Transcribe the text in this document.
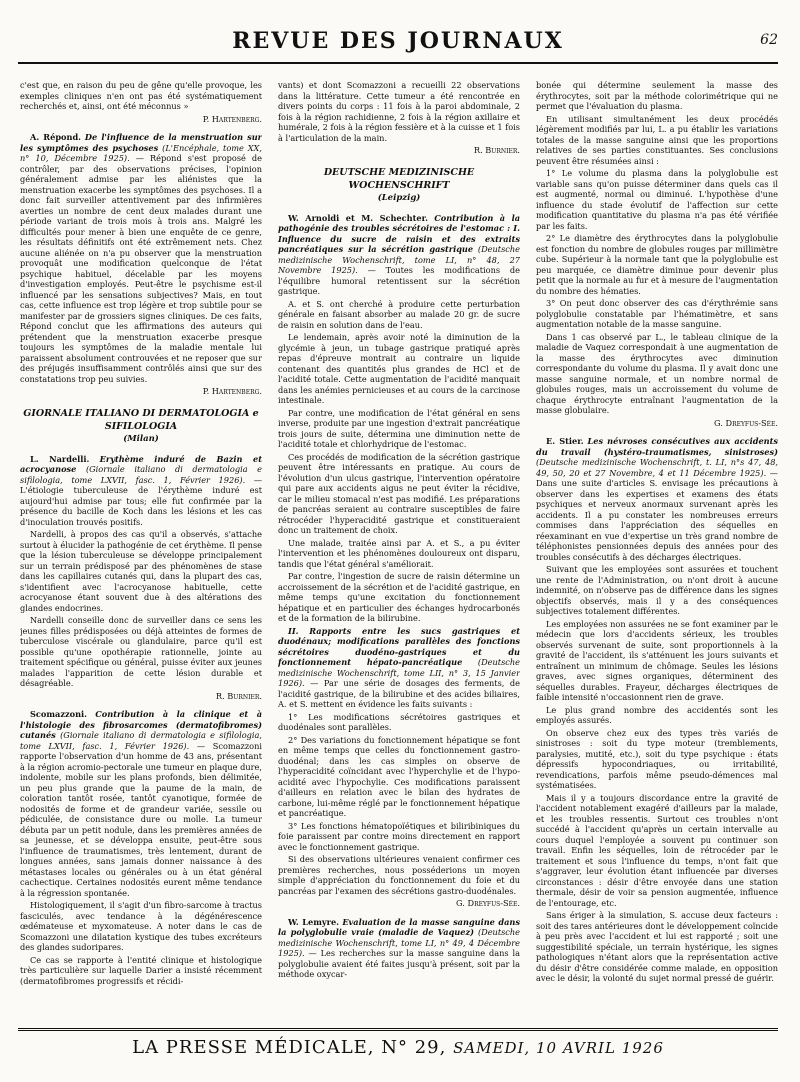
REVUE DES JOURNAUX	62

c'est que, en raison du peu de gêne qu'elle provoque, les exemples cliniques n'en ont pas été systématiquement recherchés et, ainsi, ont été méconnus »

P. Hartenberg.

A. Répond. De l'influence de la menstruation sur les symptômes des psychoses (L'Encéphale, tome XX, n° 10, Décembre 1925). — Répond s'est proposé de contrôler, par des observations précises, l'opinion généralement admise par les aliénistes que la menstruation exacerbe les symptômes des psychoses. Il a donc fait surveiller attentivement par des infirmières averties un nombre de cent deux malades durant une période variant de trois mois à trois ans. Malgré les difficultés pour mener à bien une enquête de ce genre, les résultats définitifs ont été extrêmement nets. Chez aucune aliénée on n'a pu observer que la menstruation provoquât une modification quelconque de l'état psychique habituel, décelable par les moyens d'investigation employés. Peut-être le psychisme est-il influencé par les sensations subjectives? Mais, en tout cas, cette influence est trop légère et trop subtile pour se manifester par de grossiers signes cliniques. De ces faits, Répond conclut que les affirmations des auteurs qui prétendent que la menstruation exacerbe presque toujours les symptômes de la maladie mentale lui paraissent absolument controuvées et ne reposer que sur des préjugés insuffisamment contrôlés ainsi que sur des constatations trop peu suivies.

P. Hartenberg.

GIORNALE ITALIANO DI DERMATOLOGIA e SIFILOLOGIA
(Milan)

L. Nardelli. Erythème induré de Bazin et acrocyanose (Giornale italiano di dermatologia e sifilologia, tome LXVII, fasc. 1, Février 1926). — L'étiologie tuberculeuse de l'érythème induré est aujourd'hui admise par tous; elle fut confirmée par la présence du bacille de Koch dans les lésions et les cas d'inoculation trouvés positifs.

Nardelli, à propos des cas qu'il a observés, s'attache surtout à élucider la pathogénie de cet érythème. Il pense que la lésion tuberculeuse se développe principalement sur un terrain prédisposé par des phénomènes de stase dans les capillaires cutanés qui, dans la plupart des cas, s'identifient avec l'acrocyanose habituelle, cette acrocyanose étant souvent due à des altérations des glandes endocrines.

Nardelli conseille donc de surveiller dans ce sens les jeunes filles prédisposées ou déjà atteintes de formes de tuberculose viscérale ou glandulaire, parce qu'il est possible qu'une opothérapie rationnelle, jointe au traitement spécifique ou général, puisse éviter aux jeunes malades l'apparition de cette lésion durable et désagréable.

R. Burnier.

Scomazzoni. Contribution à la clinique et à l'histologie des fibrosarcomes (dermatofibromes) cutanés (Giornale italiano di dermatologia e sifilologia, tome LXVII, fasc. 1, Février 1926). — Scomazzoni rapporte l'observation d'un homme de 43 ans, présentant à la région acromio-pectorale une tumeur en plaque dure, indolente, mobile sur les plans profonds, bien délimitée, un peu plus grande que la paume de la main, de coloration tantôt rosée, tantôt cyanotique, formée de nodosités de forme et de grandeur variée, sessile ou pédiculée, de consistance dure ou molle. La tumeur débuta par un petit nodule, dans les premières années de sa jeunesse, et se développa ensuite, peut-être sous l'influence de traumatismes, très lentement, durant de longues années, sans jamais donner naissance à des métastases locales ou générales ou à un état général cachectique. Certaines nodosités eurent même tendance à la régression spontanée.

Histologiquement, il s'agit d'un fibro-sarcome à tractus fasciculés, avec tendance à la dégénérescence œdémateuse et myxomateuse. A noter dans le cas de Scomazzoni une dilatation kystique des tubes excréteurs des glandes sudoripares.

Ce cas se rapporte à l'entité clinique et histologique très particulière sur laquelle Darier a insisté récemment (dermatofibromes progressifs et récidi-

vants) et dont Scomazzoni a recueilli 22 observations dans la littérature. Cette tumeur a été rencontrée en divers points du corps : 11 fois à la paroi abdominale, 2 fois à la région rachidienne, 2 fois à la région axillaire et humérale, 2 fois à la région fessière et à la cuisse et 1 fois à l'articulation de la main.

R. Burnier.

DEUTSCHE MEDIZINISCHE WOCHENSCHRIFT
(Leipzig)

W. Arnoldi et M. Schechter. Contribution à la pathogénie des troubles sécrétoires de l'estomac : I. Influence du sucre de raisin et des extraits pancréatiques sur la sécrétion gastrique (Deutsche medizinische Wochenschrift, tome LI, n° 48, 27 Novembre 1925). — Toutes les modifications de l'équilibre humoral retentissent sur la sécrétion gastrique.

A. et S. ont cherché à produire cette perturbation générale en faisant absorber au malade 20 gr. de sucre de raisin en solution dans de l'eau.

Le lendemain, après avoir noté la diminution de la glycémie à jeun, un tubage gastrique pratiqué après repas d'épreuve montrait au contraire un liquide contenant des quantités plus grandes de HCl et de l'acidité totale. Cette augmentation de l'acidité manquait dans les anémies pernicieuses et au cours de la carcinose intestinale.

Par contre, une modification de l'état général en sens inverse, produite par une ingestion d'extrait pancréatique trois jours de suite, détermina une diminution nette de l'acidité totale et chlorhydrique de l'estomac.

Ces procédés de modification de la sécrétion gastrique peuvent être intéressants en pratique. Au cours de l'évolution d'un ulcus gastrique, l'intervention opératoire qui pare aux accidents aigus ne peut éviter la récidive, car le milieu stomacal n'est pas modifié. Les préparations de pancréas seraient au contraire susceptibles de faire rétrocéder l'hyperacidité gastrique et constitueraient donc un traitement de choix.

Une malade, traitée ainsi par A. et S., a pu éviter l'intervention et les phénomènes douloureux ont disparu, tandis que l'état général s'améliorait.

Par contre, l'ingestion de sucre de raisin détermine un accroissement de la sécrétion et de l'acidité gastrique, en même temps qu'une excitation du fonctionnement hépatique et en particulier des échanges hydrocarbonés et de la formation de la bilirubine.

II. Rapports entre les sucs gastriques et duodénaux; modifications parallèles des fonctions sécrétoires duodéno-gastriques et du fonctionnement hépato-pancréatique (Deutsche medizinische Wochenschrift, tome LII, n° 3, 15 Janvier 1926). — Par une série de dosages des ferments, de l'acidité gastrique, de la bilirubine et des acides biliaires, A. et S. mettent en évidence les faits suivants :

1° Les modifications sécrétoires gastriques et duodénales sont parallèles.

2° Des variations du fonctionnement hépatique se font en même temps que celles du fonctionnement gastro-duodénal; dans les cas simples on observe de l'hyperacidité coïncidant avec l'hyperchylie et de l'hypo-acidité avec l'hypochylie. Ces modifications paraissent d'ailleurs en relation avec le bilan des hydrates de carbone, lui-même réglé par le fonctionnement hépatique et pancréatique.

3° Les fonctions hématopoïétiques et biliribiniques du foie paraissent par contre moins directement en rapport avec le fonctionnement gastrique.

Si des observations ultérieures venaient confirmer ces premières recherches, nous posséderions un moyen simple d'appréciation du fonctionnement du foie et du pancréas par l'examen des sécrétions gastro-duodénales.

G. Dreyfus-Sée.

W. Lemyre. Evaluation de la masse sanguine dans la polyglobulie vraie (maladie de Vaquez) (Deutsche medizinische Wochenschrift, tome LI, n° 49, 4 Décembre 1925). — Les recherches sur la masse sanguine dans la polyglobulie avaient été faites jusqu'à présent, soit par la méthode oxycar-

bonée qui détermine seulement la masse des érythrocytes, soit par la méthode colorimétrique qui ne permet que l'évaluation du plasma.

En utilisant simultanément les deux procédés légèrement modifiés par lui, L. a pu établir les variations totales de la masse sanguine ainsi que les proportions relatives de ses parties constituantes. Ses conclusions peuvent être résumées ainsi :

1° Le volume du plasma dans la polyglobulie est variable sans qu'on puisse déterminer dans quels cas il est augmenté, normal ou diminué. L'hypothèse d'une influence du stade évolutif de l'affection sur cette modification quantitative du plasma n'a pas été vérifiée par les faits.

2° Le diamètre des érythrocytes dans la polyglobulie est fonction du nombre de globules rouges par millimètre cube. Supérieur à la normale tant que la polyglobulie est peu marquée, ce diamètre diminue pour devenir plus petit que la normale au fur et à mesure de l'augmentation du nombre des hématies.

3° On peut donc observer des cas d'érythrémie sans polyglobulie constatable par l'hématimètre, et sans augmentation notable de la masse sanguine.

Dans 1 cas observé par L., le tableau clinique de la maladie de Vaquez correspondait à une augmentation de la masse des érythrocytes avec diminution correspondante du volume du plasma. Il y avait donc une masse sanguine normale, et un nombre normal de globules rouges, mais un accroissement du volume de chaque érythrocyte entraînant l'augmentation de la masse globulaire.

G. Dreyfus-Sée.

E. Stier. Les névroses consécutives aux accidents du travail (hystéro-traumatismes, sinistroses) (Deutsche medizinische Wochenschrift, t. LI, n°s 47, 48, 49, 50, 20 et 27 Novembre, 4 et 11 Décembre 1925). — Dans une suite d'articles S. envisage les précautions à observer dans les expertises et examens des états psychiques et nerveux anormaux survenant après les accidents. Il a pu constater les nombreuses erreurs commises dans l'appréciation des séquelles en réexaminant en vue d'expertise un très grand nombre de téléphonistes pensionnées depuis des années pour des troubles consécutifs à des décharges électriques.

Suivant que les employées sont assurées et touchent une rente de l'Administration, ou n'ont droit à aucune indemnité, on n'observe pas de différence dans les signes objectifs observés, mais il y a des conséquences subjectives totalement différentes.

Les employées non assurées ne se font examiner par le médecin que lors d'accidents sérieux, les troubles observés survenant de suite, sont proportionnels à la gravité de l'accident, ils s'atténuent les jours suivants et entraînent un minimum de chômage. Seules les lésions graves, avec signes organiques, déterminent des séquelles durables. Frayeur, décharges électriques de faible intensité n'occasionnent rien de grave.

Le plus grand nombre des accidentés sont les employés assurés.

On observe chez eux des types très variés de sinistroses : soit du type moteur (tremblements, paralysies, mutité, etc.), soit du type psychique : états dépressifs hypocondriaques, ou irritabilité, revendications, parfois même pseudo-démences mal systématisées.

Mais il y a toujours discordance entre la gravité de l'accident notablement exagéré d'ailleurs par la malade, et les troubles ressentis. Surtout ces troubles n'ont succédé à l'accident qu'après un certain intervalle au cours duquel l'employée a souvent pu continuer son travail. Enfin les séquelles, loin de rétrocéder par le traitement et sous l'influence du temps, n'ont fait que s'aggraver, leur évolution étant influencée par diverses circonstances : désir d'être envoyée dans une station thermale, désir de voir sa pension augmentée, influence de l'entourage, etc.

Sans ériger à la simulation, S. accuse deux facteurs : soit des tares antérieures dont le développement coïncide à peu près avec l'accident et lui est rapporté ; soit une suggestibilité spéciale, un terrain hystérique, les signes pathologiques n'étant alors que la représentation active du désir d'être considérée comme malade, en opposition avec le désir, la volonté du sujet normal pressé de guérir.

LA PRESSE MÉDICALE, N° 29, SAMEDI, 10 AVRIL 1926
